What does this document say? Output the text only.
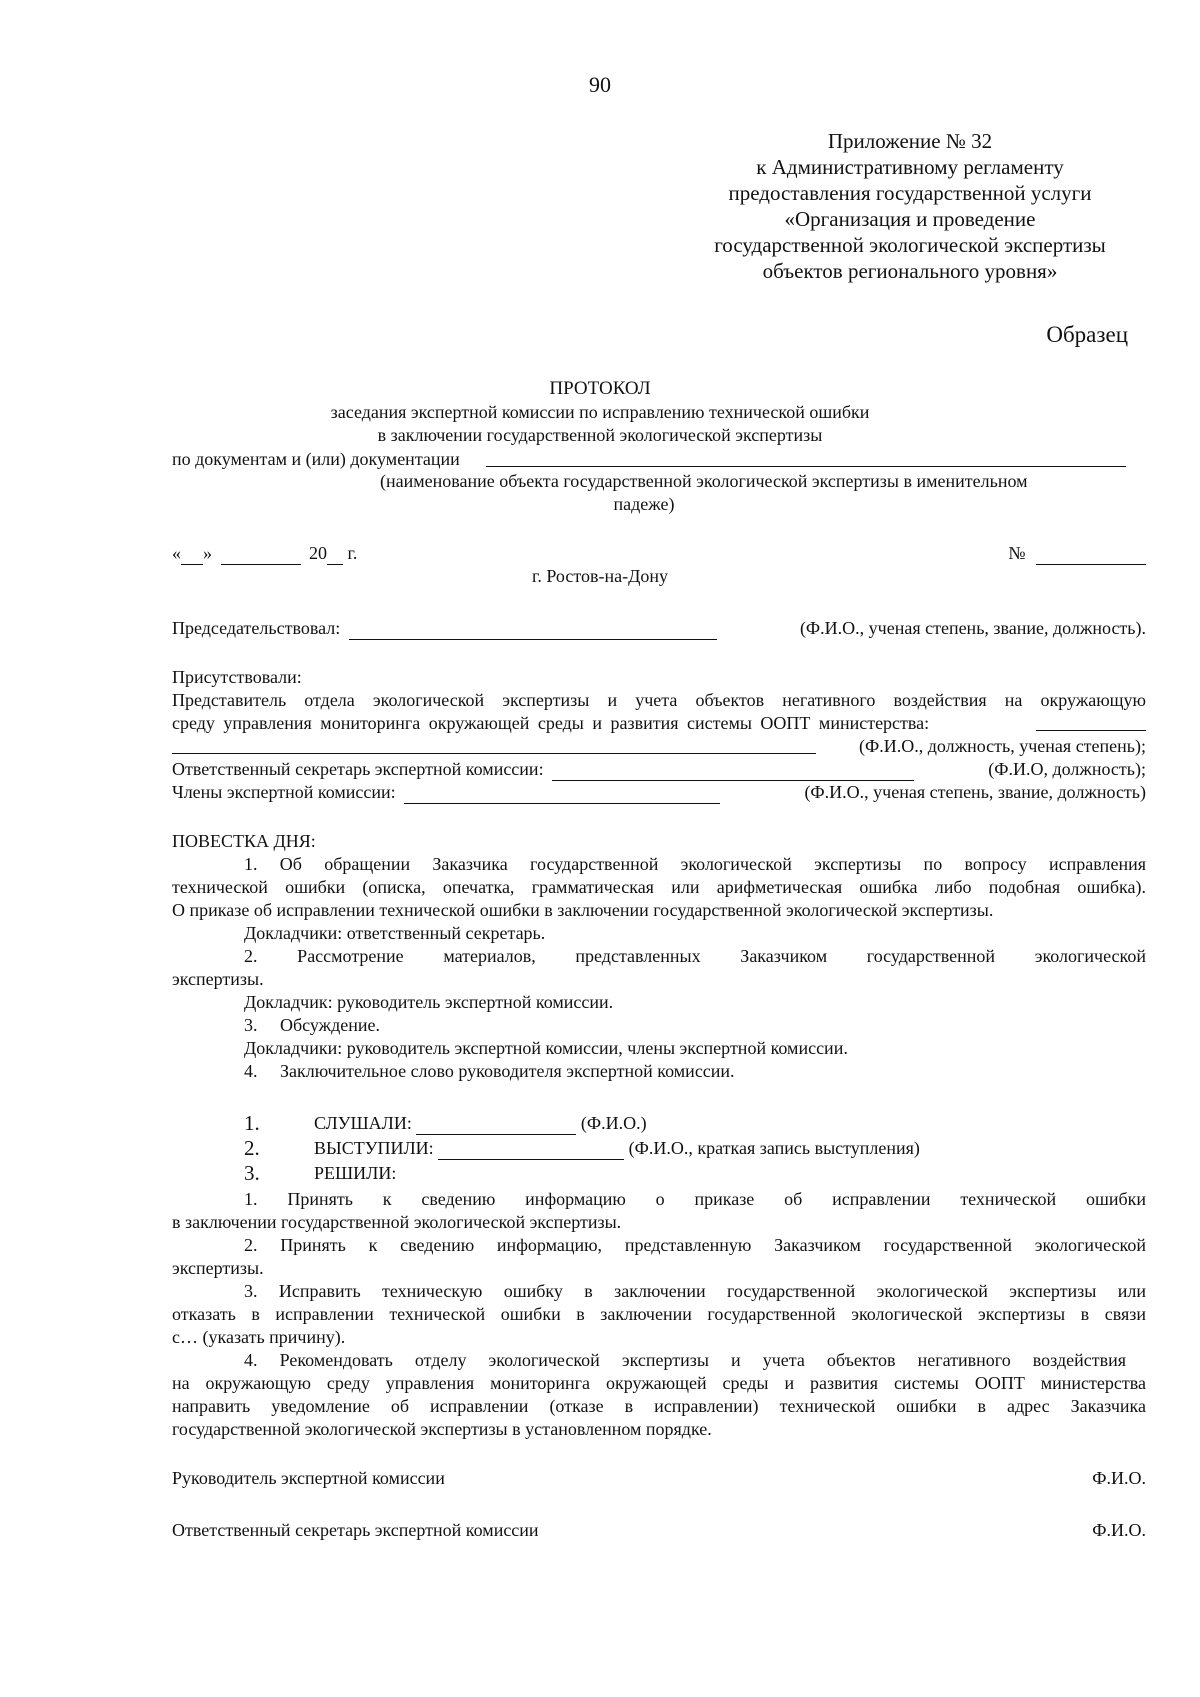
90
Приложение № 32
к Административному регламенту
предоставления государственной услуги
«Организация и проведение
государственной экологической экспертизы
объектов регионального уровня»
Образец
ПРОТОКОЛ
заседания экспертной комиссии по исправлению технической ошибки
в заключении государственной экологической экспертизы
по документам и (или) документации
(наименование объекта государственной экологической экспертизы в именительном
падеже)
« »	20 г.	№
г. Ростов-на-Дону
Председательствовал:	(Ф.И.О., ученая степень, звание, должность).
Присутствовали:
Представитель отдела экологической экспертизы и учета объектов негативного воздействия на окружающую
среду управления мониторинга окружающей среды и развития системы ООПТ министерства:
(Ф.И.О., должность, ученая степень);
Ответственный секретарь экспертной комиссии:	(Ф.И.О, должность);
Члены экспертной комиссии:	(Ф.И.О., ученая степень, звание, должность)
ПОВЕСТКА ДНЯ:
1. Об обращении Заказчика государственной экологической экспертизы по вопросу исправления
технической ошибки (описка, опечатка, грамматическая или арифметическая ошибка либо подобная ошибка).
О приказе об исправлении технической ошибки в заключении государственной экологической экспертизы.
Докладчики: ответственный секретарь.
2. Рассмотрение материалов, представленных Заказчиком государственной экологической
экспертизы.
Докладчик: руководитель экспертной комиссии.
3.     Обсуждение.
Докладчики: руководитель экспертной комиссии, члены экспертной комиссии.
4.     Заключительное слово руководителя экспертной комиссии.
1.	СЛУШАЛИ:	(Ф.И.О.)
2.	ВЫСТУПИЛИ:	(Ф.И.О., краткая запись выступления)
3.	РЕШИЛИ:
1. Принять к сведению информацию о приказе об исправлении технической ошибки
в заключении государственной экологической экспертизы.
2. Принять к сведению информацию, представленную Заказчиком государственной экологической
экспертизы.
3. Исправить техническую ошибку в заключении государственной экологической экспертизы или
отказать в исправлении технической ошибки в заключении государственной экологической экспертизы в связи
с… (указать причину).
4. Рекомендовать отделу экологической экспертизы и учета объектов негативного воздействия
на окружающую среду управления мониторинга окружающей среды и развития системы ООПТ министерства
направить уведомление об исправлении (отказе в исправлении) технической ошибки в адрес Заказчика
государственной экологической экспертизы в установленном порядке.
Руководитель экспертной комиссии	Ф.И.О.
Ответственный секретарь экспертной комиссии	Ф.И.О.
